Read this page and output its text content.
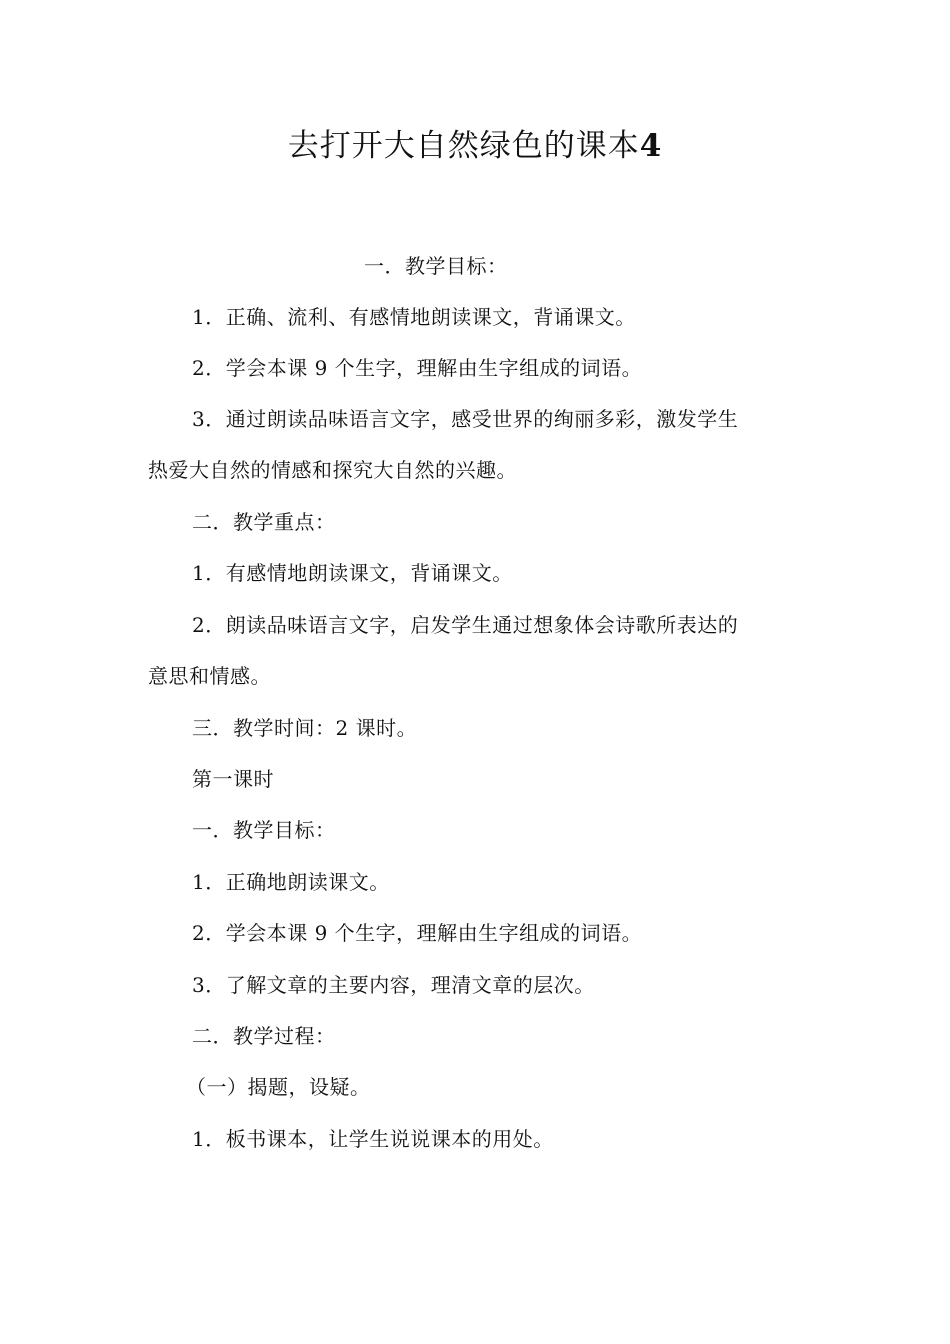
去打开大自然绿色的课本4
一．教学目标：
1．正确、流利、有感情地朗读课文，背诵课文。
2．学会本课 9 个生字，理解由生字组成的词语。
3．通过朗读品味语言文字，感受世界的绚丽多彩，激发学生
热爱大自然的情感和探究大自然的兴趣。
二．教学重点：
1．有感情地朗读课文，背诵课文。
2．朗读品味语言文字，启发学生通过想象体会诗歌所表达的
意思和情感。
三．教学时间：2 课时。
第一课时
一．教学目标：
1．正确地朗读课文。
2．学会本课 9 个生字，理解由生字组成的词语。
3．了解文章的主要内容，理清文章的层次。
二．教学过程：
（一）揭题，设疑。
1．板书课本，让学生说说课本的用处。
